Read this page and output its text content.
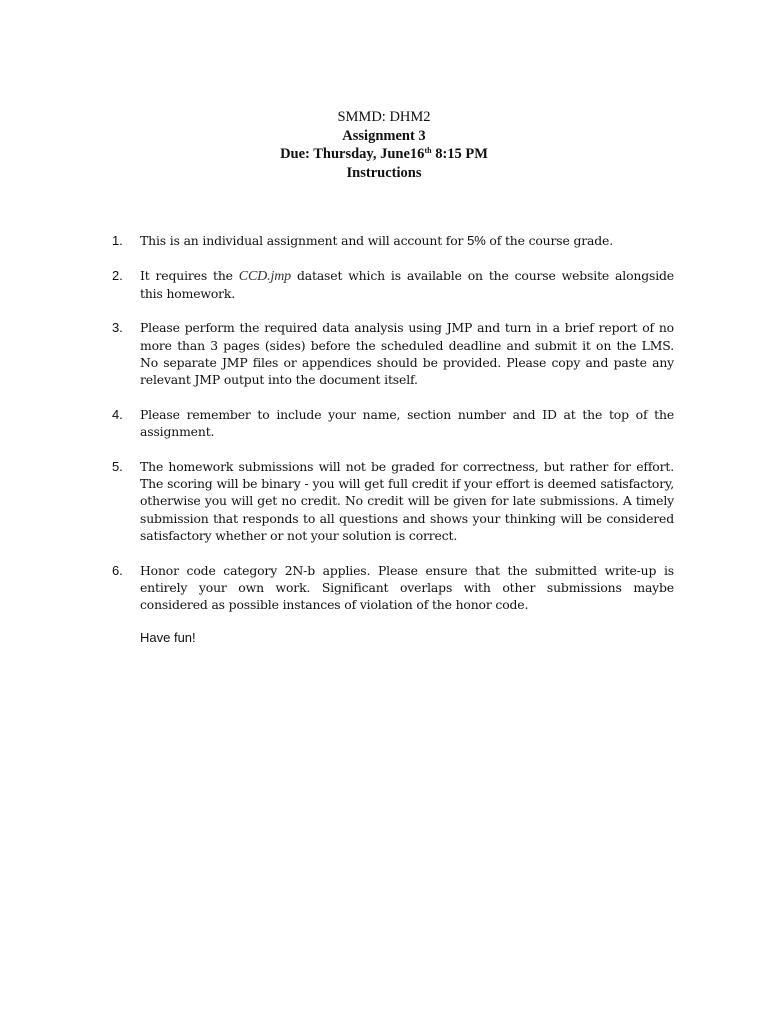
SMMD: DHM2
Assignment 3
Due: Thursday, June16th 8:15 PM
Instructions
1. This is an individual assignment and will account for 5% of the course grade.
2. It requires the CCD.jmp dataset which is available on the course website alongside this homework.
3. Please perform the required data analysis using JMP and turn in a brief report of no more than 3 pages (sides) before the scheduled deadline and submit it on the LMS. No separate JMP files or appendices should be provided. Please copy and paste any relevant JMP output into the document itself.
4. Please remember to include your name, section number and ID at the top of the assignment.
5. The homework submissions will not be graded for correctness, but rather for effort. The scoring will be binary - you will get full credit if your effort is deemed satisfactory, otherwise you will get no credit. No credit will be given for late submissions. A timely submission that responds to all questions and shows your thinking will be considered satisfactory whether or not your solution is correct.
6. Honor code category 2N-b applies. Please ensure that the submitted write-up is entirely your own work. Significant overlaps with other submissions maybe considered as possible instances of violation of the honor code.
Have fun!
